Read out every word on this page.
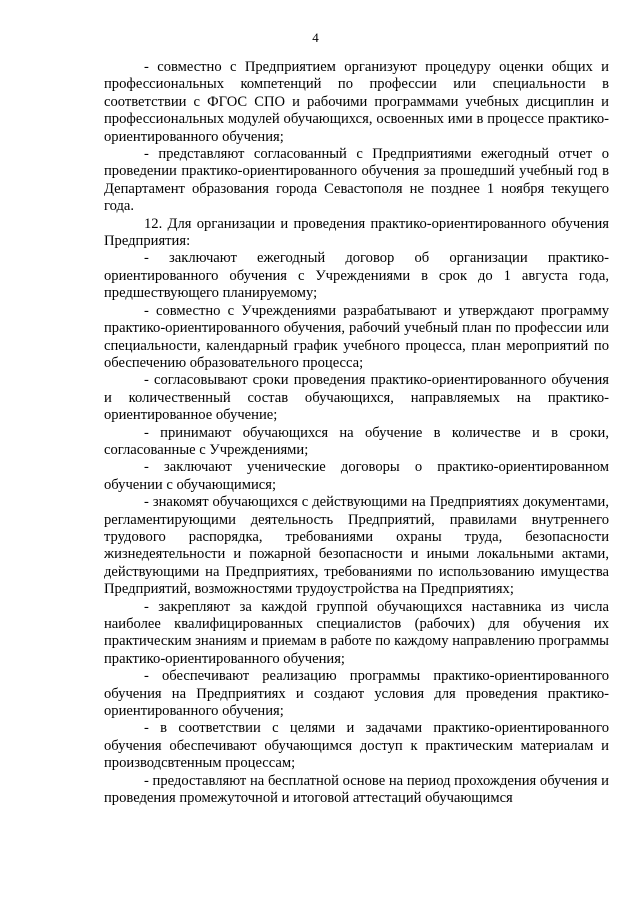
4

- совместно с Предприятием организуют процедуру оценки общих и профессиональных компетенций по профессии или специальности в соответствии с ФГОС СПО и рабочими программами учебных дисциплин и профессиональных модулей обучающихся, освоенных ими в процессе практико-ориентированного обучения;

- представляют согласованный с Предприятиями ежегодный отчет о проведении практико-ориентированного обучения за прошедший учебный год в Департамент образования города Севастополя не позднее 1 ноября текущего года.

12. Для организации и проведения практико-ориентированного обучения Предприятия:

- заключают ежегодный договор об организации практико-ориентированного обучения с Учреждениями в срок до 1 августа года, предшествующего планируемому;

- совместно с Учреждениями разрабатывают и утверждают программу практико-ориентированного обучения, рабочий учебный план по профессии или специальности, календарный график учебного процесса, план мероприятий по обеспечению образовательного процесса;

- согласовывают сроки проведения практико-ориентированного обучения и количественный состав обучающихся, направляемых на практико-ориентированное обучение;

- принимают обучающихся на обучение в количестве и в сроки, согласованные с Учреждениями;

- заключают ученические договоры о практико-ориентированном обучении с обучающимися;

- знакомят обучающихся с действующими на Предприятиях документами, регламентирующими деятельность Предприятий, правилами внутреннего трудового распорядка, требованиями охраны труда, безопасности жизнедеятельности и пожарной безопасности и иными локальными актами, действующими на Предприятиях, требованиями по использованию имущества Предприятий, возможностями трудоустройства на Предприятиях;

- закрепляют за каждой группой обучающихся наставника из числа наиболее квалифицированных специалистов (рабочих) для обучения их практическим знаниям и приемам в работе по каждому направлению программы практико-ориентированного обучения;

- обеспечивают реализацию программы практико-ориентированного обучения на Предприятиях и создают условия для проведения практико-ориентированного обучения;

- в соответствии с целями и задачами практико-ориентированного обучения обеспечивают обучающимся доступ к практическим материалам и производсвтенным процессам;

- предоставляют на бесплатной основе на период прохождения обучения и проведения промежуточной и итоговой аттестаций обучающимся
